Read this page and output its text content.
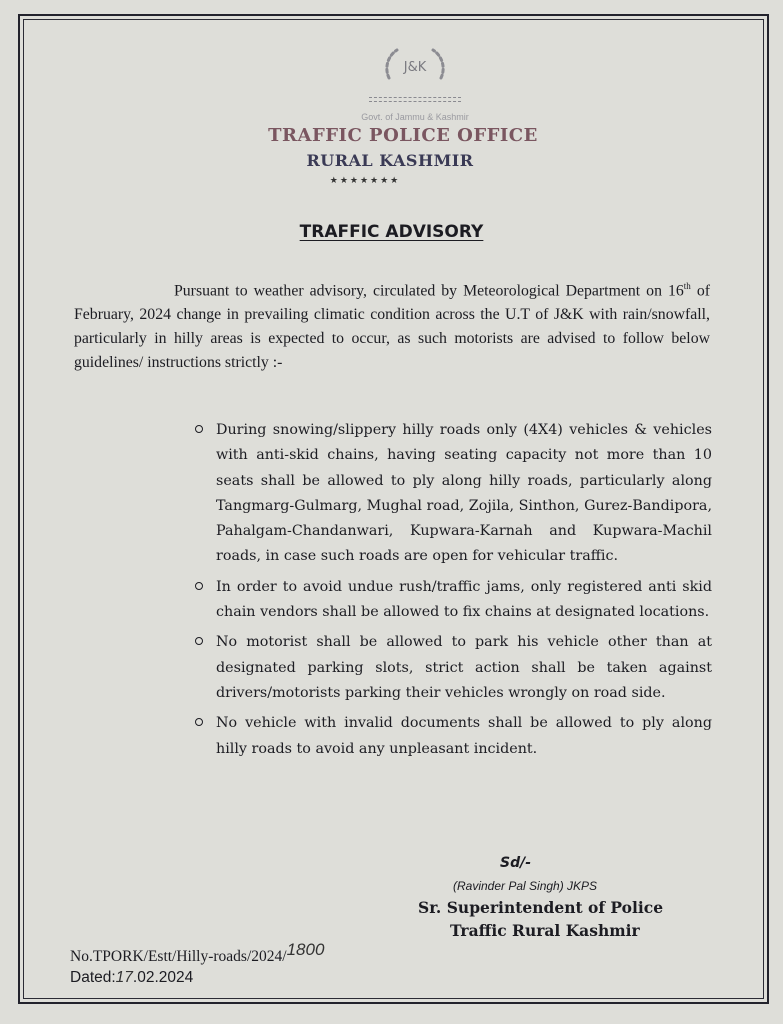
J&K
Govt. of Jammu & Kashmir
TRAFFIC POLICE OFFICE
RURAL KASHMIR
★★★★★★★
TRAFFIC ADVISORY
Pursuant to weather advisory, circulated by Meteorological Department on 16th of February, 2024 change in prevailing climatic condition across the U.T of J&K with rain/snowfall, particularly in hilly areas is expected to occur, as such motorists are advised to follow below guidelines/ instructions strictly :-
During snowing/slippery hilly roads only (4X4) vehicles & vehicles with anti-skid chains, having seating capacity not more than 10 seats shall be allowed to ply along hilly roads, particularly along Tangmarg-Gulmarg, Mughal road, Zojila, Sinthon, Gurez-Bandipora, Pahalgam-Chandanwari, Kupwara-Karnah and Kupwara-Machil roads, in case such roads are open for vehicular traffic.
In order to avoid undue rush/traffic jams, only registered anti skid chain vendors shall be allowed to fix chains at designated locations.
No motorist shall be allowed to park his vehicle other than at designated parking slots, strict action shall be taken against drivers/motorists parking their vehicles wrongly on road side.
No vehicle with invalid documents shall be allowed to ply along hilly roads to avoid any unpleasant incident.
Sd/-
(Ravinder Pal Singh) JKPS
Sr. Superintendent of Police
Traffic Rural Kashmir
No.TPORK/Estt/Hilly-roads/2024/1800
Dated:17.02.2024
